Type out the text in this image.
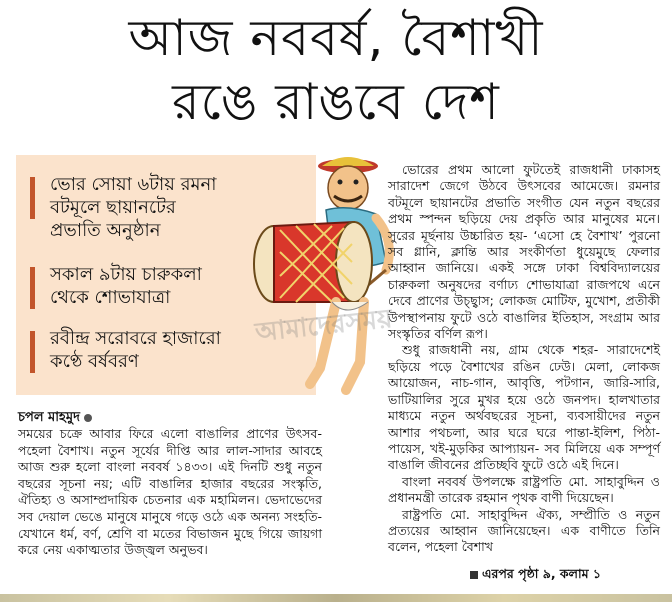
আজ নববর্ষ, বৈশাখী
রঙে রাঙবে দেশ
ভোর সোয়া ৬টায় রমনা বটমূলে ছায়ানটের প্রভাতি অনুষ্ঠান
সকাল ৯টায় চারুকলা থেকে শোভাযাত্রা
রবীন্দ্র সরোবরে হাজারো কণ্ঠে বর্ষবরণ
আমাদেরসময়
চপল মাহমুদ

সময়ের চক্রে আবার ফিরে এলো বাঙালির প্রাণের উৎসব- পহেলা বৈশাখ। নতুন সূর্যের দীপ্তি আর লাল-সাদার আবহে আজ শুরু হলো বাংলা নববর্ষ ১৪৩৩। এই দিনটি শুধু নতুন বছরের সূচনা নয়; এটি বাঙালির হাজার বছরের সংস্কৃতি, ঐতিহ্য ও অসাম্প্রদায়িক চেতনার এক মহামিলন। ভেদাভেদের সব দেয়াল ভেঙে মানুষে মানুষে গড়ে ওঠে এক অনন্য সংহতি- যেখানে ধর্ম, বর্ণ, শ্রেণি বা মতের বিভাজন মুছে গিয়ে জায়গা করে নেয় একাত্মতার উজ্জ্বল অনুভব।

ভোরের প্রথম আলো ফুটতেই রাজধানী ঢাকাসহ সারাদেশ জেগে উঠবে উৎসবের আমেজে। রমনার বটমূলে ছায়ানটের প্রভাতি সংগীত যেন নতুন বছরের প্রথম স্পন্দন ছড়িয়ে দেয় প্রকৃতি আর মানুষের মনে। সুরের মূর্ছনায় উচ্চারিত হয়- ‘এসো হে বৈশাখ’ পুরনো সব গ্লানি, ক্লান্তি আর সংকীর্ণতা ধুয়েমুছে ফেলার আহ্বান জানিয়ে। একই সঙ্গে ঢাকা বিশ্ববিদ্যালয়ের চারুকলা অনুষদের বর্ণাঢ্য শোভাযাত্রা রাজপথে এনে দেবে প্রাণের উচ্ছ্বাস; লোকজ মোটিফ, মুখোশ, প্রতীকী উপস্থাপনায় ফুটে ওঠে বাঙালির ইতিহাস, সংগ্রাম আর সংস্কৃতির বর্ণিল রূপ।

শুধু রাজধানী নয়, গ্রাম থেকে শহর- সারাদেশেই ছড়িয়ে পড়ে বৈশাখের রঙিন ঢেউ। মেলা, লোকজ আয়োজন, নাচ-গান, আবৃত্তি, পটগান, জারি-সারি, ভাটিয়ালির সুরে মুখর হয়ে ওঠে জনপদ। হালখাতার মাধ্যমে নতুন অর্থবছরের সূচনা, ব্যবসায়ীদের নতুন আশার পথচলা, আর ঘরে ঘরে পান্তা-ইলিশ, পিঠা-পায়েস, খই-মুড়কির আপ্যায়ন- সব মিলিয়ে এক সম্পূর্ণ বাঙালি জীবনের প্রতিচ্ছবি ফুটে ওঠে এই দিনে।

বাংলা নববর্ষ উপলক্ষে রাষ্ট্রপতি মো. সাহাবুদ্দিন ও প্রধানমন্ত্রী তারেক রহমান পৃথক বাণী দিয়েছেন।

রাষ্ট্রপতি মো. সাহাবুদ্দিন ঐক্য, সম্প্রীতি ও নতুন প্রত্যয়ের আহ্বান জানিয়েছেন। এক বাণীতে তিনি বলেন, পহেলা বৈশাখ

এরপর পৃষ্ঠা ৯, কলাম ১
